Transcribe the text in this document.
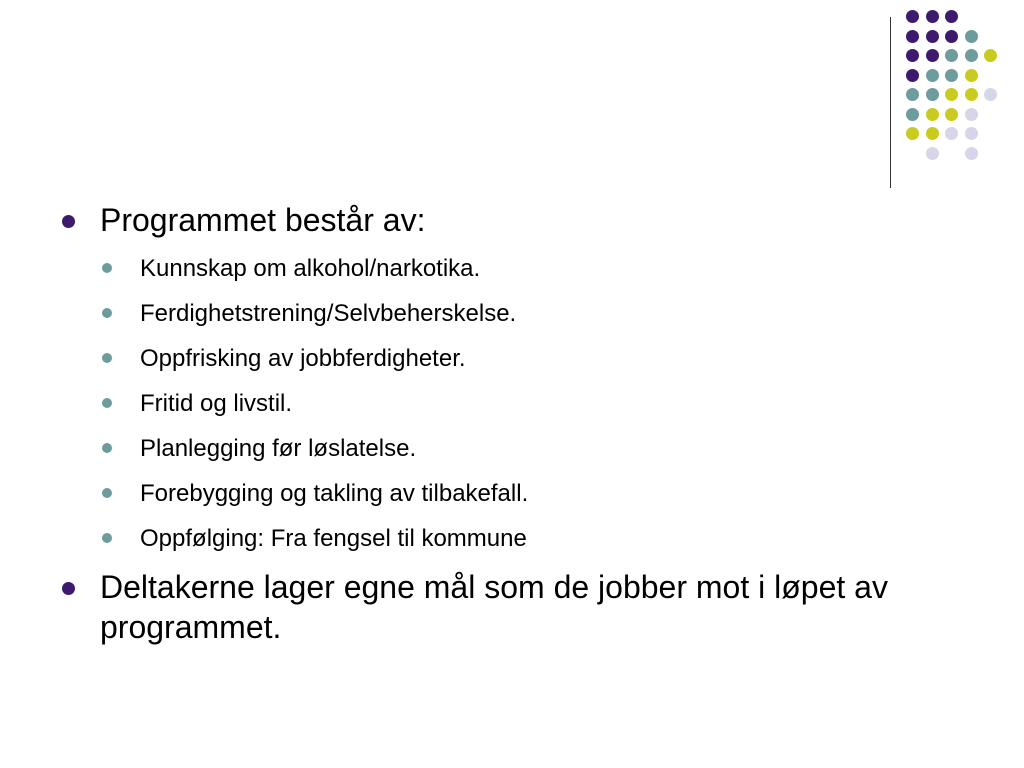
Programmet består av:
Kunnskap om alkohol/narkotika.
Ferdighetstrening/Selvbeherskelse.
Oppfrisking av jobbferdigheter.
Fritid og livstil.
Planlegging før løslatelse.
Forebygging og takling av tilbakefall.
Oppfølging: Fra fengsel til kommune
Deltakerne lager egne mål som de jobber mot i løpet av programmet.
